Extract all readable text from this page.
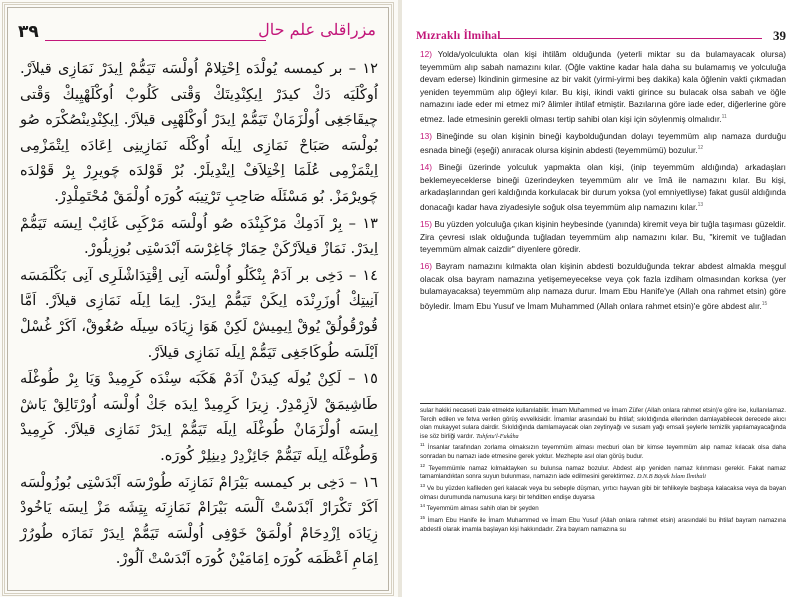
٣٩	مزراقلى علم حال

١٢ – بر كيمسه يُولْدَه اِحْتِلامْ اُولْسَه تَيَمُّمْ اِيدَرْ نَمَازِى قيلاَرْ. اُوكْلَيَه دَكْ كيدَرْ اِيكِنْدِيتَكْ وَقْتى كَلُوبْ اُوكْلَهْيِيكْ وَقْتى چيقَاجَغِى اُولْزَمَانْ تَيَمُّمْ اِيدَرْ اُوكْلَهْيِى قيلاَرْ. اِيكِنْدِينْصُكْرَه صُو بُولْسَه صَبَاحْ نَمَازِى اِيلَه اُوكْلَه نَمَازِينِى اِعَادَه اِيتْمَزْمِى اِيتْمَزْمِى عُلَمَا اِخْتِلاَفْ اِيتْدِيلَرْ. بُرْ قَوْلدَه چَويرِرْ بِرْ قَوْلدَه چَويرْمَزْ. بُو مَسْئَلَه صَاحِبِ تَرْتِيبَه كُورَه اُولْمَقْ مُحْتَمِلْدِرْ.

١٣ – بِرْ آدَمِكْ مَرْكَبِنْدَه صُو اُولْسَه مَرْكَبِى غَائِبْ اِيسَه تَيَمُّمْ اِيدَرْ. نَمَازْ قيلاَرْكَنْ حِمَارْ چَاغِرْسَه اَبْدَسْتِى بُوزِيلُورْ.

١٤ – دَخِى بر آدَمْ بِنْكَلُو اُولْسَه آنِى اِقْتِدَاشْلَرِى آنِى بَكْلَمَسَه آنِيتِكْ اُوزَرِنْدَه اِيكَنْ تَيَمُّمْ اِيدَرْ. اِيمَا اِيلَه نَمَازِى قيلاَرْ. اَمَّا قُورْقُولُقْ يُوقْ اِيمِيشْ لَكِنْ هَوَا زِيَادَه سِيلَه صُغُوقْ، اَكَرْ غُسْلْ اَيْلَسَه طُوكَاجَغِى تَيَمُّمْ اِيلَه نَمَازِى قيلاَرْ.

١٥ – لَكِنْ يُولَه كِيدَنْ آدَمْ هَكَبَه سِنْدَه كَرِمِيدْ وَيَا بِرْ طُوغْلَه طَاشِيمَقْ لاَزِمْدِرْ. زِيرَا كَرِمِيدْ اِيدَه جَكْ اُولْسَه اُورْتَالِقْ يَاشْ اِيسَه اُولْزَمَانْ طُوغْلَه اِيلَه تَيَمُّمْ اِيدَرْ نَمَازِى قيلاَرْ. كَرِمِيدْ وَطُوغْلَه اِيلَه تَيَمُّمْ جَائِزْدِرْ دِينِلِرْ كُورَه.

١٦ – دَخِى بر كيمسه بَيْرَامْ نَمَازِنَه طُورْسَه اَبْدَسْتِى بُوزُولْسَه اَكَرْ تَكْرَارْ اَبْدَسْتْ آلْسَه بَيْرَامْ نَمَازِنَه يِتِشَه مَزْ اِيسَه يَاخُودْ زِيَادَه اِزْدِحَامْ اُولْمَقْ خَوْفِى اُولْسَه تَيَمُّمْ اِيدَرْ نَمَازَه طُورُرْ اِمَامِ اَعْظَمَه كُورَه اِمَامَيْنْ كُورَه اَبْدَسْتْ آلُورْ.

Mızraklı İlmihal	39

12) Yolda/yolculukta olan kişi ihtilâm olduğunda (yeterli miktar su da bulamayacak olursa) teyemmüm alıp sabah namazını kılar. (Öğle vaktine kadar hala daha su bulamamış ve yolculuğa devam ederse) İkindinin girmesine az bir vakit (yirmi-yirmi beş dakika) kala öğlenin vakti çıkmadan yeniden teyemmüm alıp öğleyi kılar. Bu kişi, ikindi vakti girince su bulacak olsa sabah ve öğle namazını iade eder mi etmez mi? âlimler ihtilaf etmiştir. Bazılarına göre iade eder, diğerlerine göre etmez. İade etmesinin gerekli olması tertip sahibi olan kişi için söylenmiş olmalıdır.$^{11}$

13) Bineğinde su olan kişinin bineği kaybolduğundan dolayı teyemmüm alıp namaza durduğu esnada bineği (eşeği) anıracak olursa kişinin abdesti (teyemmümü) bozulur.$^{12}$

14) Bineği üzerinde yolculuk yapmakta olan kişi, (inip teyemmüm aldığında) arkadaşları beklemeyeceklerse bineği üzerindeyken teyemmüm alır ve îmâ ile namazını kılar. Bu kişi, arkadaşlarından geri kaldığında korkulacak bir durum yoksa (yol emniyetliyse) fakat gusül aldığında donacağı kadar hava ziyadesiyle soğuk olsa teyemmüm alıp namazını kılar.$^{13}$

15) Bu yüzden yolculuğa çıkan kişinin heybesinde (yanında) kiremit veya bir tuğla taşıması güzeldir. Zira çevresi ıslak olduğunda tuğladan teyemmüm alıp namazını kılar. Bu, "kiremit ve tuğladan teyemmüm almak caizdir" diyenlere göredir.

16) Bayram namazını kılmakta olan kişinin abdesti bozulduğunda tekrar abdest almakla meşgul olacak olsa bayram namazına yetişemeyecekse veya çok fazla izdiham olmasından korksa (yer bulamayacaksa) teyemmüm alıp namaza durur. İmam Ebu Hanife'ye (Allah ona rahmet etsin) göre böyledir. İmam Ebu Yusuf ve İmam Muhammed (Allah onlara rahmet etsin)'e göre abdest alır.$^{15}$

sular hakiki necaseti izale etmekte kullanılabilir. İmam Muhammed ve İmam Züfer (Allah onlara rahmet etsin)'e göre ise, kullanılamaz. Tercih edilen ve fetva verilen görüş evvelkisidir. İmamlar arasındaki bu ihtilaf; sıkıldığında ellerinden damlayabilecek derecede akıcı olan mukayyet sulara dairdir. Sıkıldığında damlamayacak olan zeytinyağı ve susam yağı emsali şeylerle temizlik yapılamayacağında ise söz birliği vardır. Tuhfetu'l-Fukâha

$^{11}$ İnsanlar tarafından zorlama olmaksızın teyemmüm alması mecburi olan bir kimse teyemmüm alıp namaz kılacak olsa daha sonradan bu namazı iade etmesine gerek yoktur. Mezhepte asıl olan görüş budur.

$^{12}$ Teyemmümle namaz kılmaktayken su bulunsa namaz bozulur. Abdest alıp yeniden namaz kılınması gerekir. Fakat namaz tamamlandıktan sonra suyun bulunması, namazın iade edilmesini gerektirmez. D.N.B Büyük İslam İlmihali

$^{13}$ Ve bu yüzden kafileden geri kalacak veya bu sebeple düşman, yırtıcı hayvan gibi bir tehlikeyle başbaşa kalacaksa veya da bayan olması durumunda namusuna karşı bir tehditten endişe duyarsa

$^{14}$ Teyemmüm alması sahih olan bir şeyden

$^{15}$ İmam Ebu Hanife ile İmam Muhammed ve İmam Ebu Yusuf (Allah onlara rahmet etsin) arasındaki bu ihtilaf bayram namazına abdestli olarak imamla başlayan kişi hakkındadır. Zira bayram namazına su
